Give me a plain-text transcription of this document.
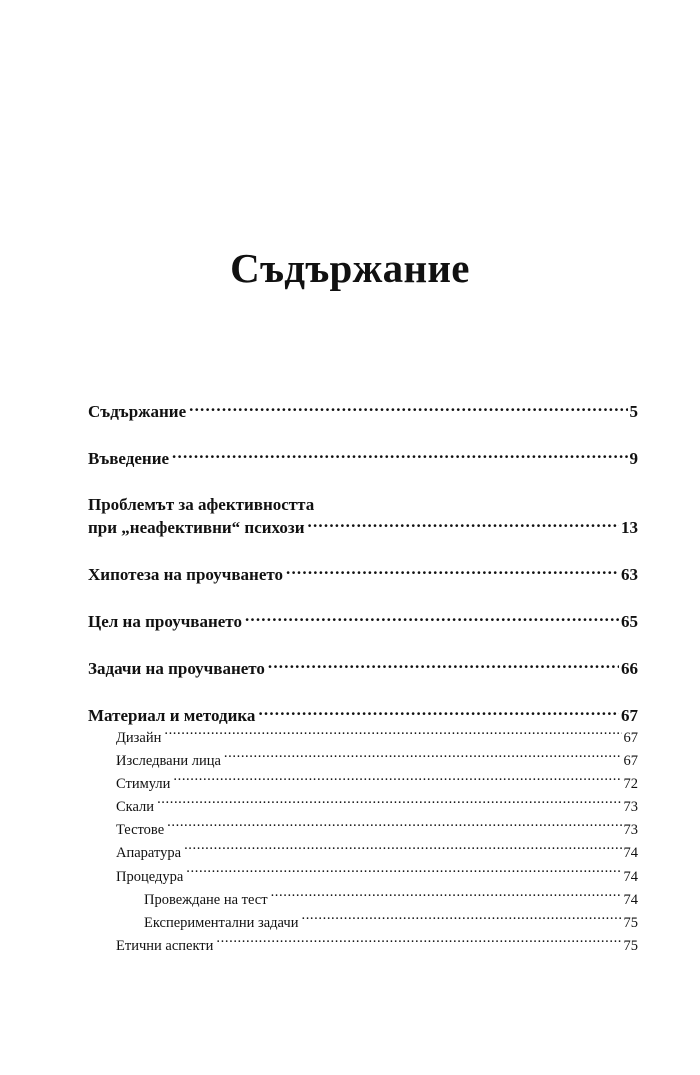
Съдържание
Съдържание .....	5
Въведение .....	9
Проблемът за афективността
при „неафективни“ психози .....	13
Хипотеза на проучването .....	63
Цел на проучването .....	65
Задачи на проучването .....	66
Материал и методика .....	67
Дизайн .....	67
Изследвани лица .....	67
Стимули .....	72
Скали .....	73
Тестове .....	73
Апаратура .....	74
Процедура .....	74
Провеждане на тест .....	74
Експериментални задачи .....	75
Етични аспекти .....	75
